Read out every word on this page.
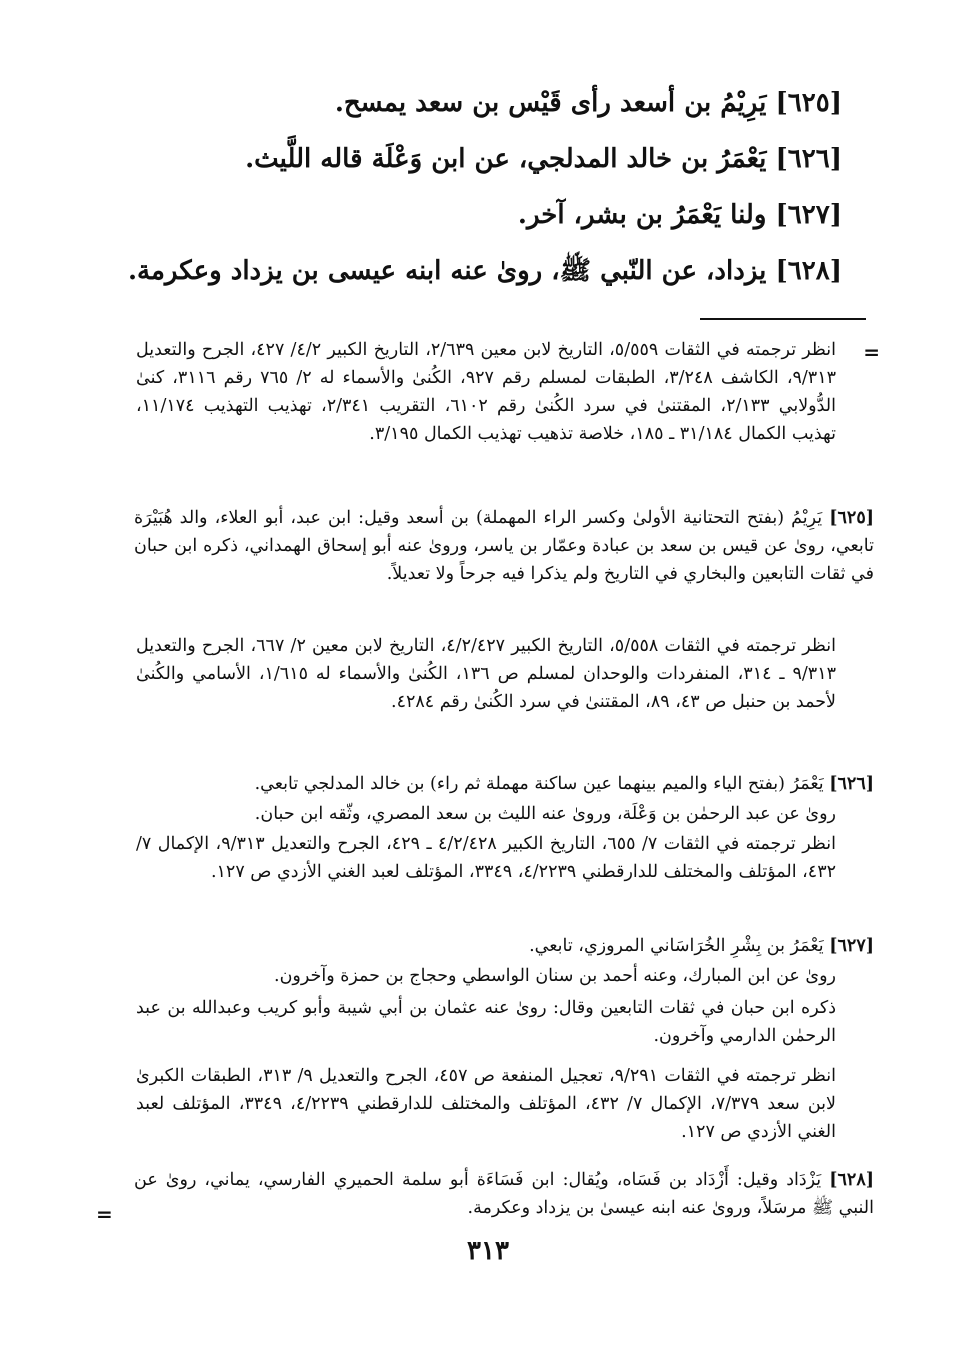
[٦٢٥] يَرِيْمُ بن أسعد رأى قَيْس بن سعد يمسح.
[٦٢٦] يَعْمَرُ بن خالد المدلجي، عن ابن وَعْلَة قاله اللَّيث.
[٦٢٧] ولنا يَعْمَرُ بن بشر، آخر.
[٦٢٨] يزداد، عن النّبي ﷺ، روىٰ عنه ابنه عيسى بن يزداد وعكرمة.
=
انظر ترجمته في الثقات ٥/٥٥٩، التاريخ لابن معين ٢/٦٣٩، التاريخ الكبير ٤/٢/ ٤٢٧، الجرح والتعديل ٩/٣١٣، الكاشف ٣/٢٤٨، الطبقات لمسلم رقم ٩٢٧، الكُنىٰ والأسماء له ٢/ ٧٦٥ رقم ٣١١٦، كنىٰ الدُّولابي ٢/١٣٣، المقتنىٰ في سرد الكُنىٰ رقم ٦١٠٢، التقريب ٢/٣٤١، تهذيب التهذيب ١١/١٧٤، تهذيب الكمال ٣١/١٨٤ ـ ١٨٥، خلاصة تذهيب تهذيب الكمال ٣/١٩٥.
[٦٢٥] يَرِيْمُ (بفتح التحتانية الأولىٰ وكسر الراء المهملة) بن أسعد وقيل: ابن عبد، أبو العلاء، والد هُبَيْرَة تابعي، روىٰ عن قيس بن سعد بن عبادة وعمّار بن ياسر، وروىٰ عنه أبو إسحاق الهمداني، ذكره ابن حبان في ثقات التابعين والبخاري في التاريخ ولم يذكرا فيه جرحاً ولا تعديلاً.
انظر ترجمته في الثقات ٥/٥٥٨، التاريخ الكبير ٤/٢/٤٢٧، التاريخ لابن معين ٢/ ٦٦٧، الجرح والتعديل ٩/٣١٣ ـ ٣١٤، المنفردات والوحدان لمسلم ص ١٣٦، الكُنىٰ والأسماء له ١/٦١٥، الأسامي والكُنىٰ لأحمد بن حنبل ص ٤٣، ٨٩، المقتنىٰ في سرد الكُنىٰ رقم ٤٢٨٤.
[٦٢٦] يَعْمَرُ (بفتح الياء والميم بينهما عين ساكنة مهملة ثم راء) بن خالد المدلجي تابعي.
روىٰ عن عبد الرحمٰن بن وَعْلَة، وروىٰ عنه الليث بن سعد المصري، وثّقه ابن حبان.
انظر ترجمته في الثقات ٧/ ٦٥٥، التاريخ الكبير ٤/٢/٤٢٨ ـ ٤٢٩، الجرح والتعديل ٩/٣١٣، الإكمال ٧/ ٤٣٢، المؤتلف والمختلف للدارقطني ٤/٢٢٣٩، ٣٣٤٩، المؤتلف لعبد الغني الأزدي ص ١٢٧.
[٦٢٧] يَعْمَرُ بن بِشْرِ الخُرَاسَاني المروزي، تابعي.
روىٰ عن ابن المبارك، وعنه أحمد بن سنان الواسطي وحجاج بن حمزة وآخرون.
ذكره ابن حبان في ثقات التابعين وقال: روىٰ عنه عثمان بن أبي شيبة وأبو كريب وعبدالله بن عبد الرحمٰن الدارمي وآخرون.
انظر ترجمته في الثقات ٩/٢٩١، تعجيل المنفعة ص ٤٥٧، الجرح والتعديل ٩/ ٣١٣، الطبقات الكبرىٰ لابن سعد ٧/٣٧٩، الإكمال ٧/ ٤٣٢، المؤتلف والمختلف للدارقطني ٤/٢٢٣٩، ٣٣٤٩، المؤتلف لعبد الغني الأزدي ص ١٢٧.
[٦٢٨] يَزْدَاد وقيل: أَزْدَاد بن فَسَاه، ويُقال: ابن فَسَاءَة أبو سلمة الحميري الفارسي، يماني، روىٰ عن النبي ﷺ مرسَلاً، وروىٰ عنه ابنه عيسىٰ بن يزداد وعكرمة.
=
٣١٣
